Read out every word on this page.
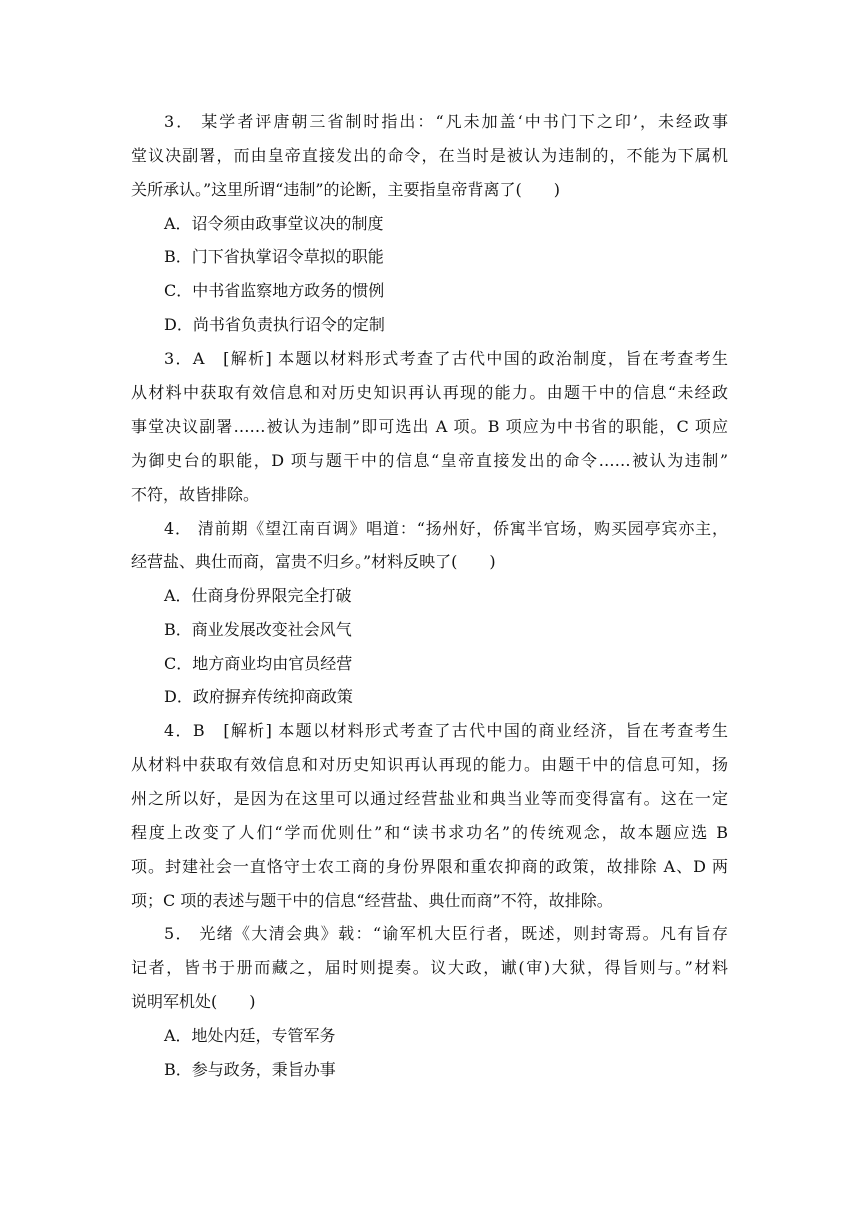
3． 某学者评唐朝三省制时指出：“凡未加盖‘中书门下之印’，未经政事
堂议决副署，而由皇帝直接发出的命令，在当时是被认为违制的，不能为下属机
关所承认。”这里所谓“违制”的论断，主要指皇帝背离了(　　)
A．诏令须由政事堂议决的制度
B．门下省执掌诏令草拟的职能
C．中书省监察地方政务的惯例
D．尚书省负责执行诏令的定制
3．A　[解析] 本题以材料形式考查了古代中国的政治制度，旨在考查考生
从材料中获取有效信息和对历史知识再认再现的能力。由题干中的信息“未经政
事堂决议副署……被认为违制”即可选出 A 项。B 项应为中书省的职能，C 项应
为御史台的职能，D 项与题干中的信息“皇帝直接发出的命令……被认为违制”
不符，故皆排除。
4． 清前期《望江南百调》唱道：“扬州好，侨寓半官场，购买园亭宾亦主，
经营盐、典仕而商，富贵不归乡。”材料反映了(　　)
A．仕商身份界限完全打破
B．商业发展改变社会风气
C．地方商业均由官员经营
D．政府摒弃传统抑商政策
4．B　[解析] 本题以材料形式考查了古代中国的商业经济，旨在考查考生
从材料中获取有效信息和对历史知识再认再现的能力。由题干中的信息可知，扬
州之所以好，是因为在这里可以通过经营盐业和典当业等而变得富有。这在一定
程度上改变了人们“学而优则仕”和“读书求功名”的传统观念，故本题应选 B
项。封建社会一直恪守士农工商的身份界限和重农抑商的政策，故排除 A、D 两
项；C 项的表述与题干中的信息“经营盐、典仕而商”不符，故排除。
5． 光绪《大清会典》载：“谕军机大臣行者，既述，则封寄焉。凡有旨存
记者，皆书于册而藏之，届时则提奏。议大政，谳(审)大狱，得旨则与。”材料
说明军机处(　　)
A．地处内廷，专管军务
B．参与政务，秉旨办事
